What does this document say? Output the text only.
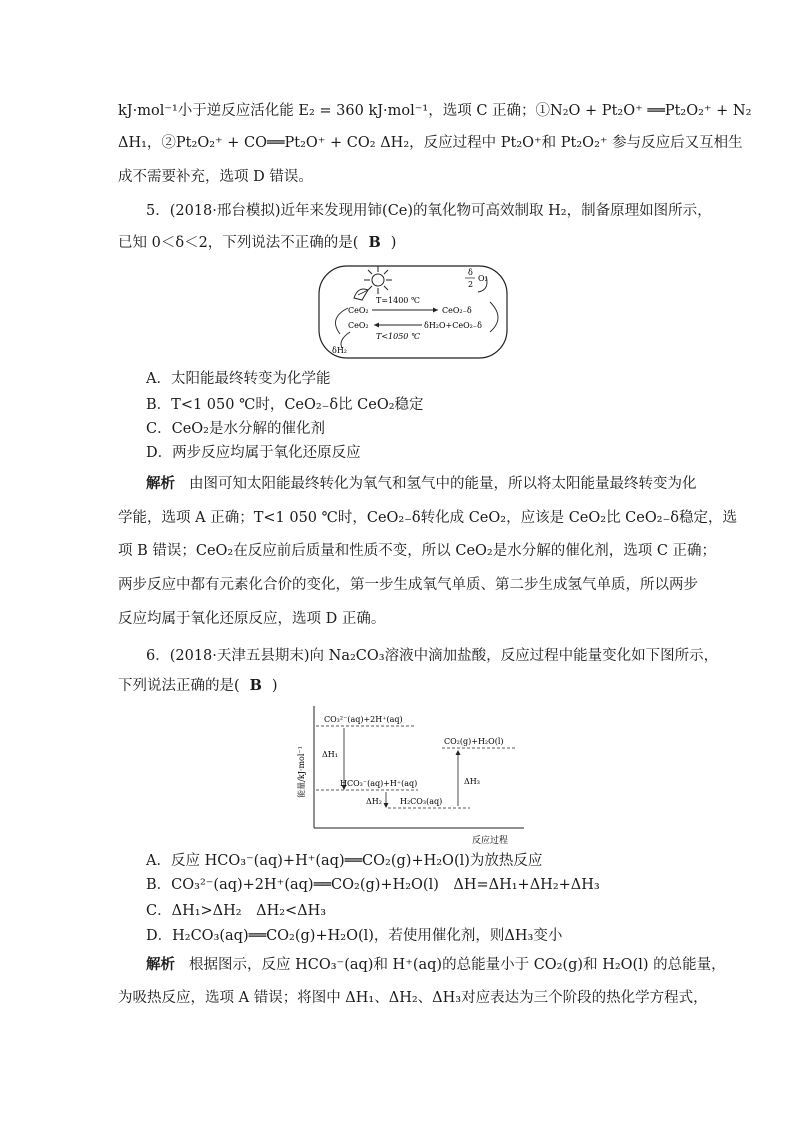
kJ·mol⁻¹小于逆反应活化能 E₂ = 360 kJ·mol⁻¹，选项 C 正确；①N₂O + Pt₂O⁺ ══Pt₂O₂⁺ + N₂
ΔH₁，②Pt₂O₂⁺ + CO══Pt₂O⁺ + CO₂ ΔH₂，反应过程中 Pt₂O⁺和 Pt₂O₂⁺ 参与反应后又互相生
成不需要补充，选项 D 错误。
5．(2018·邢台模拟)近年来发现用铈(Ce)的氧化物可高效制取 H₂，制备原理如图所示，
已知 0＜δ＜2，下列说法不正确的是( B )
T=1400 ℃
CeO₂	CeO₂₋δ
δ
2
O₂
CeO₂	δH₂O+CeO₂₋δ
T<1050 ℃
δH₂
A．太阳能最终转变为化学能
B．T<1 050 ℃时，CeO₂₋δ比 CeO₂稳定
C．CeO₂是水分解的催化剂
D．两步反应均属于氧化还原反应
解析 由图可知太阳能最终转化为氧气和氢气中的能量，所以将太阳能量最终转变为化
学能，选项 A 正确；T<1 050 ℃时，CeO₂₋δ转化成 CeO₂，应该是 CeO₂比 CeO₂₋δ稳定，选
项 B 错误；CeO₂在反应前后质量和性质不变，所以 CeO₂是水分解的催化剂，选项 C 正确；
两步反应中都有元素化合价的变化，第一步生成氧气单质、第二步生成氢气单质，所以两步
反应均属于氧化还原反应，选项 D 正确。
6．(2018·天津五县期末)向 Na₂CO₃溶液中滴加盐酸，反应过程中能量变化如下图所示，
下列说法正确的是( B )
能量/kJ·mol⁻¹
反应过程
CO₃²⁻(aq)+2H⁺(aq)
ΔH₁
HCO₃⁻(aq)+H⁺(aq)
ΔH₂ H₂CO₃(aq)
CO₂(g)+H₂O(l)
ΔH₃
A．反应 HCO₃⁻(aq)+H⁺(aq)══CO₂(g)+H₂O(l)为放热反应
B．CO₃²⁻(aq)+2H⁺(aq)══CO₂(g)+H₂O(l)　ΔH=ΔH₁+ΔH₂+ΔH₃
C．ΔH₁>ΔH₂　ΔH₂<ΔH₃
D．H₂CO₃(aq)══CO₂(g)+H₂O(l)，若使用催化剂，则ΔH₃变小
解析 根据图示，反应 HCO₃⁻(aq)和 H⁺(aq)的总能量小于 CO₂(g)和 H₂O(l) 的总能量，
为吸热反应，选项 A 错误；将图中 ΔH₁、ΔH₂、ΔH₃对应表达为三个阶段的热化学方程式，
